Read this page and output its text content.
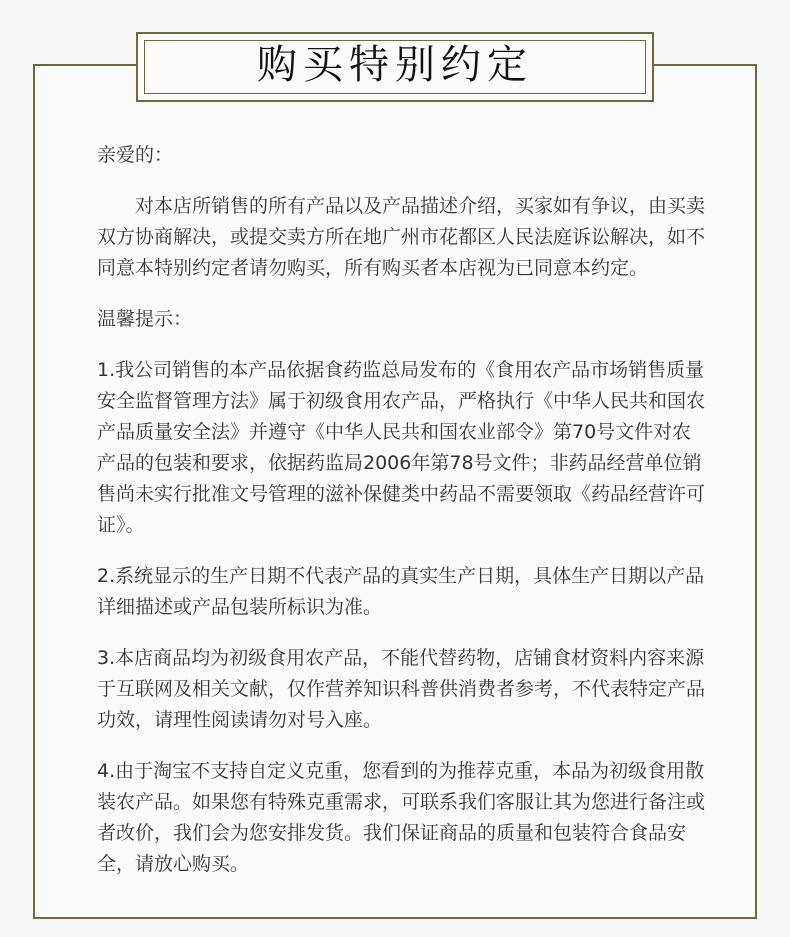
购买特别约定

亲爱的：

对本店所销售的所有产品以及产品描述介绍，买家如有争议，由买卖双方协商解决，或提交卖方所在地广州市花都区人民法庭诉讼解决，如不同意本特别约定者请勿购买，所有购买者本店视为已同意本约定。

温馨提示：

1.我公司销售的本产品依据食药监总局发布的《食用农产品市场销售质量安全监督管理方法》属于初级食用农产品，严格执行《中华人民共和国农产品质量安全法》并遵守《中华人民共和国农业部令》第70号文件对农产品的包装和要求，依据药监局2006年第78号文件；非药品经营单位销售尚未实行批准文号管理的滋补保健类中药品不需要领取《药品经营许可证》。

2.系统显示的生产日期不代表产品的真实生产日期，具体生产日期以产品详细描述或产品包装所标识为准。

3.本店商品均为初级食用农产品，不能代替药物，店铺食材资料内容来源于互联网及相关文献，仅作营养知识科普供消费者参考，不代表特定产品功效，请理性阅读请勿对号入座。

4.由于淘宝不支持自定义克重，您看到的为推荐克重，本品为初级食用散装农产品。如果您有特殊克重需求，可联系我们客服让其为您进行备注或者改价，我们会为您安排发货。我们保证商品的质量和包装符合食品安全，请放心购买。
